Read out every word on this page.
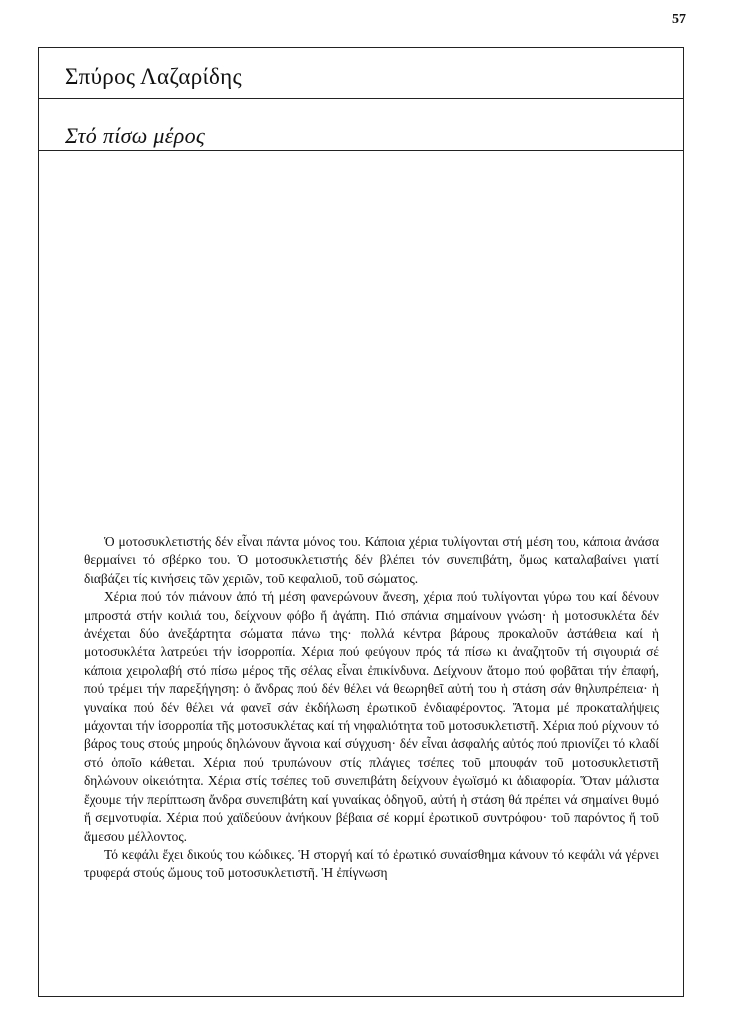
57
Σπύρος Λαζαρίδης
Στό πίσω μέρος

Ὁ μοτοσυκλετιστής δέν εἶναι πάντα μόνος του. Κάποια χέρια τυλίγονται στή μέση του, κάποια ἀνάσα θερμαίνει τό σβέρκο του. Ὁ μοτοσυκλετιστής δέν βλέπει τόν συνεπιβάτη, ὅμως καταλαβαίνει γιατί διαβάζει τίς κινήσεις τῶν χεριῶν, τοῦ κεφαλιοῦ, τοῦ σώματος.

Χέρια πού τόν πιάνουν ἀπό τή μέση φανερώνουν ἄνεση, χέρια πού τυλίγονται γύρω του καί δένουν μπροστά στήν κοιλιά του, δείχνουν φόβο ἤ ἀγάπη. Πιό σπάνια σημαίνουν γνώση· ἡ μοτοσυκλέτα δέν ἀνέχεται δύο ἀνεξάρτητα σώματα πάνω της· πολλά κέντρα βάρους προκαλοῦν ἀστάθεια καί ἡ μοτοσυκλέτα λατρεύει τήν ἰσορροπία. Χέρια πού φεύγουν πρός τά πίσω κι ἀναζητοῦν τή σιγουριά σέ κάποια χειρολαβή στό πίσω μέρος τῆς σέλας εἶναι ἐπικίνδυνα. Δείχνουν ἄτομο πού φοβᾶται τήν ἐπαφή, πού τρέμει τήν παρεξήγηση: ὁ ἄνδρας πού δέν θέλει νά θεωρηθεῖ αὐτή του ἡ στάση σάν θηλυπρέπεια· ἡ γυναίκα πού δέν θέλει νά φανεῖ σάν ἐκδήλωση ἐρωτικοῦ ἐνδιαφέροντος. Ἄτομα μέ προκαταλήψεις μάχονται τήν ἰσορροπία τῆς μοτοσυκλέτας καί τή νηφαλιότητα τοῦ μοτοσυκλετιστῆ. Χέρια πού ρίχνουν τό βάρος τους στούς μηρούς δηλώνουν ἄγνοια καί σύγχυση· δέν εἶναι ἀσφαλής αὐτός πού πριονίζει τό κλαδί στό ὁποῖο κάθεται. Χέρια πού τρυπώνουν στίς πλάγιες τσέπες τοῦ μπουφάν τοῦ μοτοσυκλετιστῆ δηλώνουν οἰκειότητα. Χέρια στίς τσέπες τοῦ συνεπιβάτη δείχνουν ἐγωϊσμό κι ἀδιαφορία. Ὅταν μάλιστα ἔχουμε τήν περίπτωση ἄνδρα συνεπιβάτη καί γυναίκας ὁδηγοῦ, αὐτή ἡ στάση θά πρέπει νά σημαίνει θυμό ἤ σεμνοτυφία. Χέρια πού χαϊδεύουν ἀνήκουν βέβαια σέ κορμί ἐρωτικοῦ συντρόφου· τοῦ παρόντος ἤ τοῦ ἄμεσου μέλλοντος.

Τό κεφάλι ἔχει δικούς του κώδικες. Ἡ στοργή καί τό ἐρωτικό συναίσθημα κάνουν τό κεφάλι νά γέρνει τρυφερά στούς ὤμους τοῦ μοτοσυκλετιστῆ. Ἡ ἐπίγνωση
